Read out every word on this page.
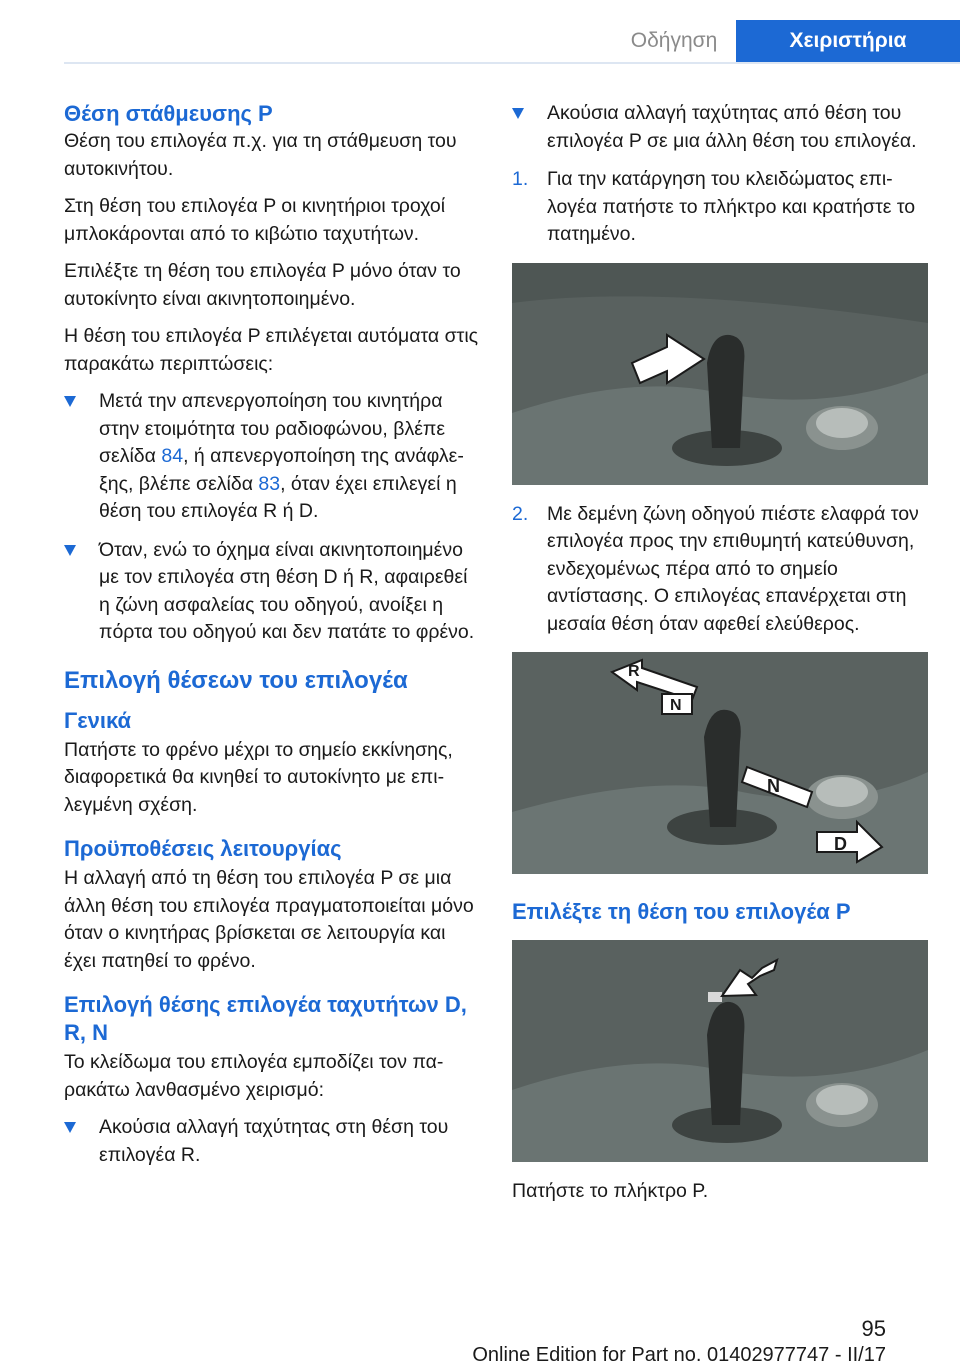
Οδήγηση	Χειριστήρια
Θέση στάθμευσης P

Θέση του επιλογέα π.χ. για τη στάθμευση του αυτοκινήτου.

Στη θέση του επιλογέα P οι κινητήριοι τροχοί μπλοκάρονται από το κιβώτιο ταχυτήτων.

Επιλέξτε τη θέση του επιλογέα P μόνο όταν το αυτοκίνητο είναι ακινητοποιημένο.

Η θέση του επιλογέα P επιλέγεται αυτόματα στις παρακάτω περιπτώσεις:

Μετά την απενεργοποίηση του κινητήρα στην ετοιμότητα του ραδιοφώνου, βλέπε σελίδα 84, ή απενεργοποίηση της ανάφλεξης, βλέπε σελίδα 83, όταν έχει επιλεγεί η θέση του επιλογέα R ή D.
Όταν, ενώ το όχημα είναι ακινητοποιημένο με τον επιλογέα στη θέση D ή R, αφαιρεθεί η ζώνη ασφαλείας του οδηγού, ανοίξει η πόρτα του οδηγού και δεν πατάτε το φρένο.
Επιλογή θέσεων του επιλογέα
Γενικά

Πατήστε το φρένο μέχρι το σημείο εκκίνησης, διαφορετικά θα κινηθεί το αυτοκίνητο με επιλεγμένη σχέση.

Προϋποθέσεις λειτουργίας

Η αλλαγή από τη θέση του επιλογέα P σε μια άλλη θέση του επιλογέα πραγματοποιείται μόνο όταν ο κινητήρας βρίσκεται σε λειτουργία και έχει πατηθεί το φρένο.

Επιλογή θέσης επιλογέα ταχυτήτων D, R, N

Το κλείδωμα του επιλογέα εμποδίζει τον παρακάτω λανθασμένο χειρισμό:

Ακούσια αλλαγή ταχύτητας στη θέση του επιλογέα R.
Ακούσια αλλαγή ταχύτητας από θέση του επιλογέα P σε μια άλλη θέση του επιλογέα.
1. Για την κατάργηση του κλειδώματος επιλογέα πατήστε το πλήκτρο και κρατήστε το πατημένο.
2. Με δεμένη ζώνη οδηγού πιέστε ελαφρά τον επιλογέα προς την επιθυμητή κατεύθυνση, ενδεχομένως πέρα από το σημείο αντίστασης. Ο επιλογέας επανέρχεται στη μεσαία θέση όταν αφεθεί ελεύθερος.
R
N
N
D
Επιλέξτε τη θέση του επιλογέα P

Πατήστε το πλήκτρο P.

95
Online Edition for Part no. 01402977747 - II/17
